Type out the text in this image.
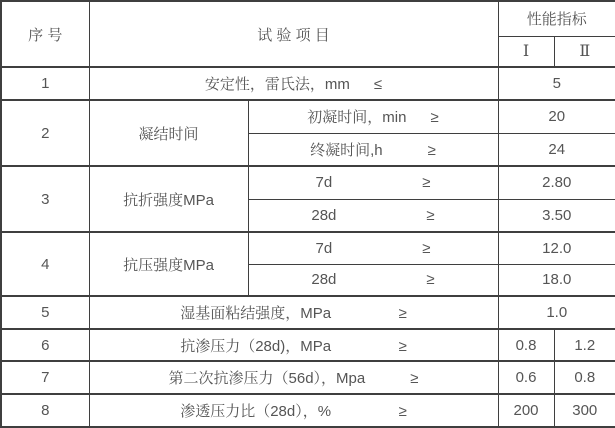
序 号	试 验 项 目		性能指标	
			Ⅰ	Ⅱ
1	安定性，雷氏法，mm ≤		5	
2	凝结时间	初凝时间，min ≥	20	
		终凝时间,h ≥	24	
3	抗折强度MPa	7d ≥	2.80	
		28d ≥	3.50	
4	抗压强度MPa	7d ≥	12.0	
		28d ≥	18.0	
5	湿基面粘结强度，MPa ≥		1.0	
6	抗渗压力（28d)，MPa ≥		0.8	1.2
7	第二次抗渗压力（56d），Mpa ≥		0.6	0.8
8	渗透压力比（28d），% ≥		200	300
